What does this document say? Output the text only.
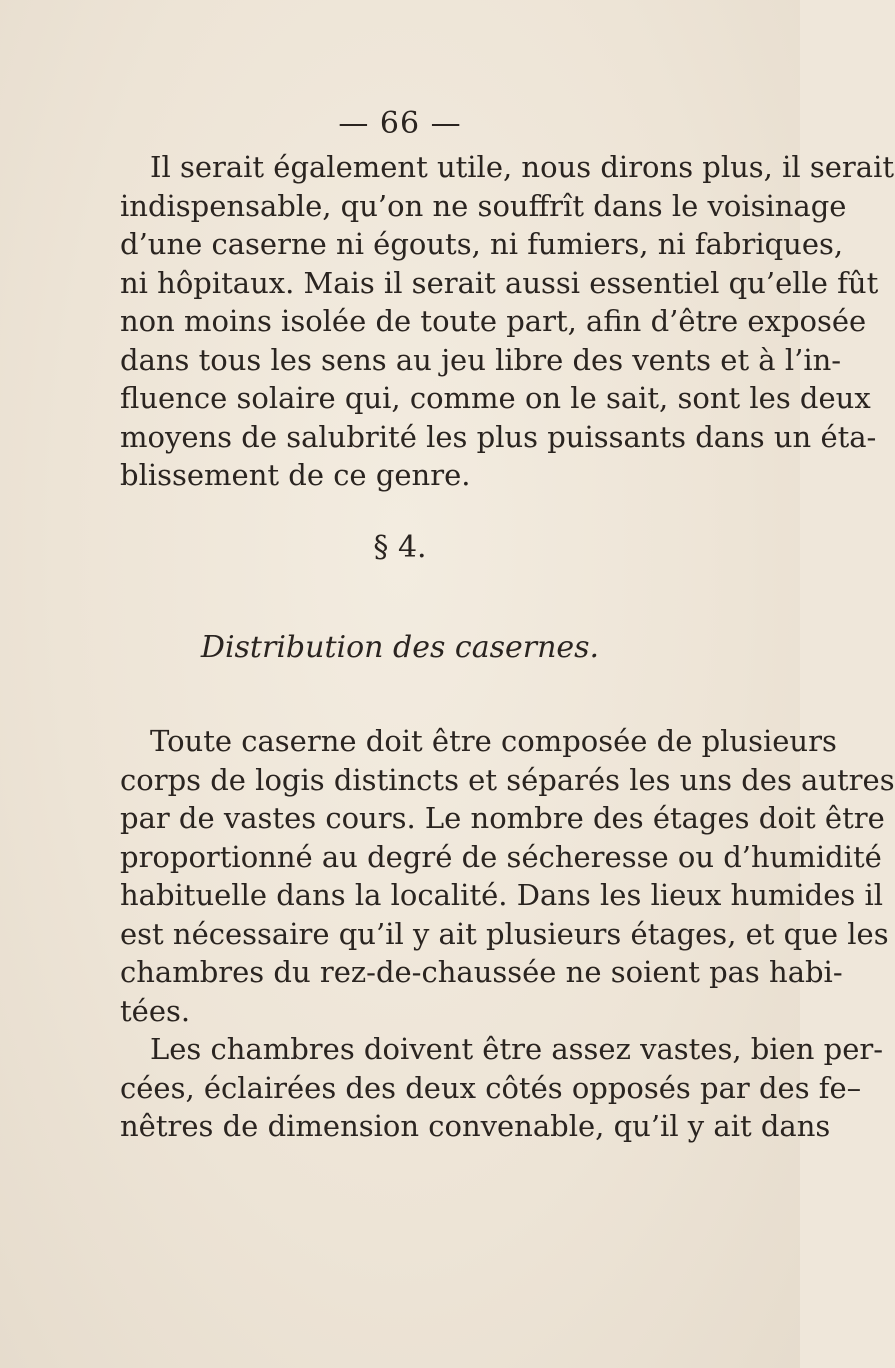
— 66 —
Il serait également utile, nous dirons plus, il serait
indispensable, qu’on ne souffrît dans le voisinage
d’une caserne ni égouts, ni fumiers, ni fabriques,
ni hôpitaux. Mais il serait aussi essentiel qu’elle fût
non moins isolée de toute part, afin d’être exposée
dans tous les sens au jeu libre des vents et à l’in-
fluence solaire qui, comme on le sait, sont les deux
moyens de salubrité les plus puissants dans un éta-
blissement de ce genre.
§ 4.
Distribution des casernes.
Toute caserne doit être composée de plusieurs
corps de logis distincts et séparés les uns des autres
par de vastes cours. Le nombre des étages doit être
proportionné au degré de sécheresse ou d’humidité
habituelle dans la localité. Dans les lieux humides il
est nécessaire qu’il y ait plusieurs étages, et que les
chambres du rez-de-chaussée ne soient pas habi-
tées.
Les chambres doivent être assez vastes, bien per-
cées, éclairées des deux côtés opposés par des fe–
nêtres de dimension convenable, qu’il y ait dans
